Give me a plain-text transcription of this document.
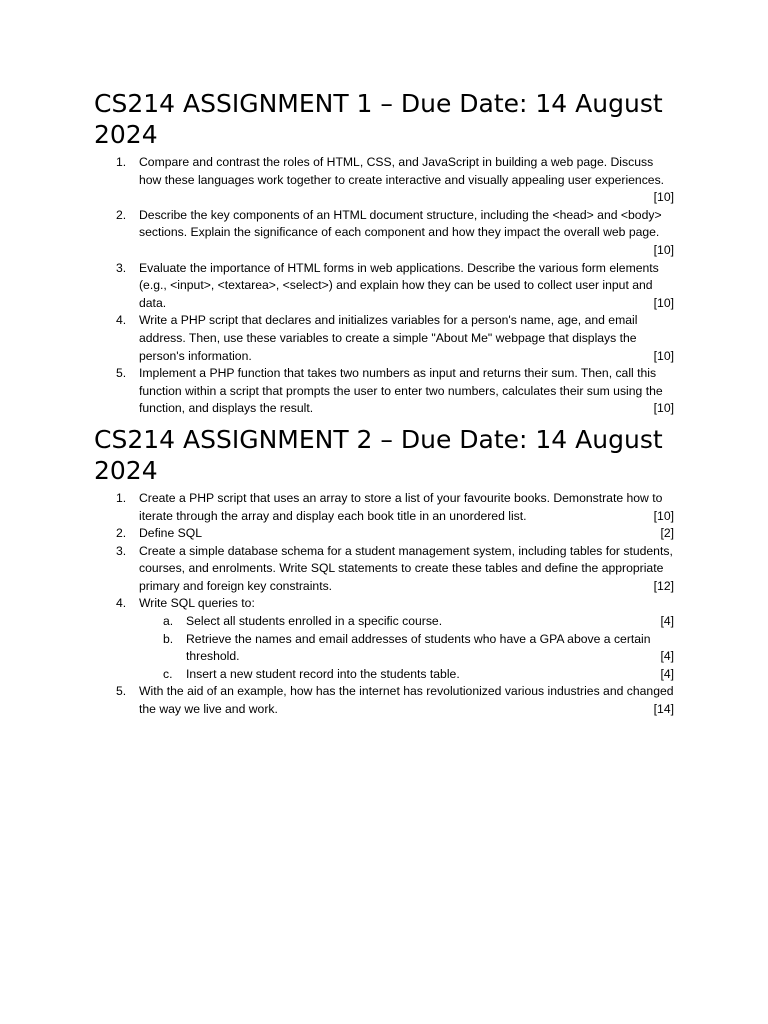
CS214 ASSIGNMENT 1 – Due Date: 14 August 2024
1. Compare and contrast the roles of HTML, CSS, and JavaScript in building a web page. Discuss how these languages work together to create interactive and visually appealing user experiences.
[10]
2. Describe the key components of an HTML document structure, including the <head> and <body> sections. Explain the significance of each component and how they impact the overall web page.
[10]
3. Evaluate the importance of HTML forms in web applications. Describe the various form elements (e.g., <input>, <textarea>, <select>) and explain how they can be used to collect user input and data.	[10]
4. Write a PHP script that declares and initializes variables for a person's name, age, and email address. Then, use these variables to create a simple "About Me" webpage that displays the person's information.	[10]
5. Implement a PHP function that takes two numbers as input and returns their sum. Then, call this function within a script that prompts the user to enter two numbers, calculates their sum using the function, and displays the result.	[10]
CS214 ASSIGNMENT 2 – Due Date: 14 August 2024
1. Create a PHP script that uses an array to store a list of your favourite books. Demonstrate how to iterate through the array and display each book title in an unordered list.	[10]
2. Define SQL	[2]
3. Create a simple database schema for a student management system, including tables for students, courses, and enrolments. Write SQL statements to create these tables and define the appropriate primary and foreign key constraints.	[12]
4. Write SQL queries to:
a. Select all students enrolled in a specific course.	[4]
b. Retrieve the names and email addresses of students who have a GPA above a certain threshold.	[4]
c. Insert a new student record into the students table.	[4]
5. With the aid of an example, how has the internet has revolutionized various industries and changed the way we live and work.	[14]
